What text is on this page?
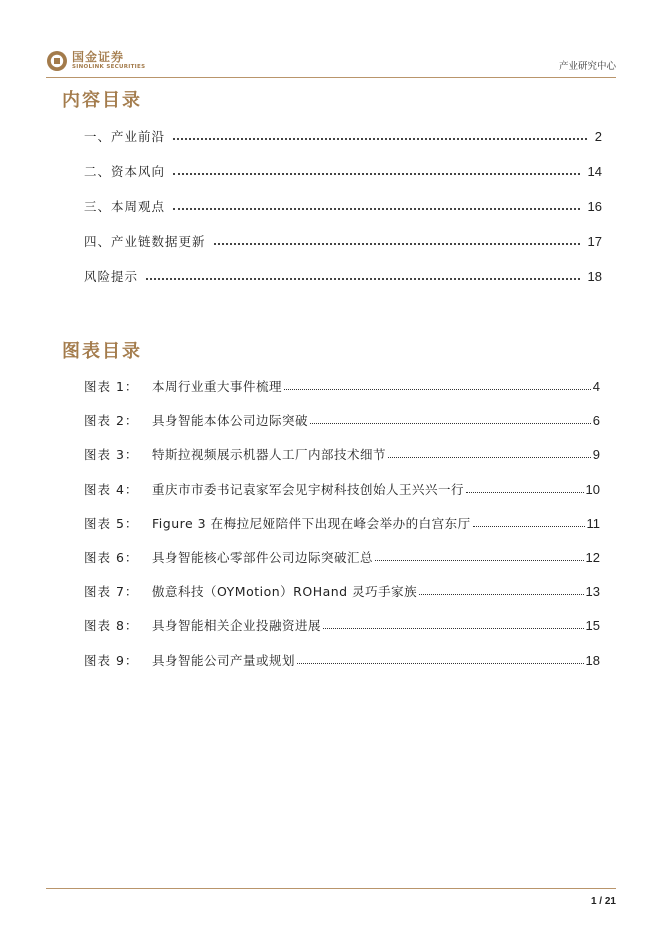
国金证券
SINOLINK SECURITIES	产业研究中心
内容目录
一、产业前沿	2
二、资本风向	14
三、本周观点	16
四、产业链数据更新	17
风险提示	18
图表目录
图表 1：	本周行业重大事件梳理	4
图表 2：	具身智能本体公司边际突破	6
图表 3：	特斯拉视频展示机器人工厂内部技术细节	9
图表 4：	重庆市市委书记袁家军会见宇树科技创始人王兴兴一行	10
图表 5：	Figure 3 在梅拉尼娅陪伴下出现在峰会举办的白宫东厅	11
图表 6：	具身智能核心零部件公司边际突破汇总	12
图表 7：	傲意科技（OYMotion）ROHand 灵巧手家族	13
图表 8：	具身智能相关企业投融资进展	15
图表 9：	具身智能公司产量或规划	18
1 / 21
